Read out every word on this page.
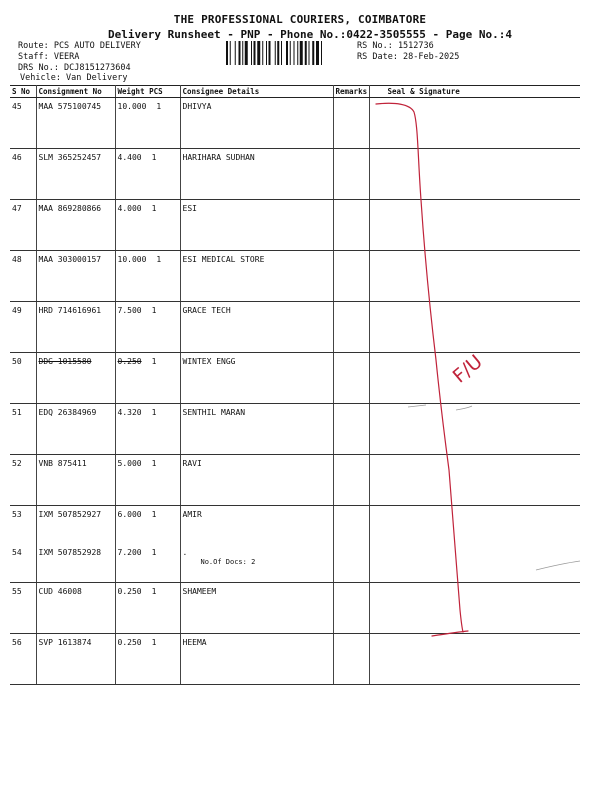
THE PROFESSIONAL COURIERS, COIMBATORE
Delivery Runsheet - PNP - Phone No.:0422-3505555 - Page No.:4
Route: PCS AUTO DELIVERY
Staff: VEERA
DRS No.: DCJ8151273604
Vehicle: Van Delivery
RS No.: 1512736
RS Date: 28-Feb-2025
S No	Consignment No	Weight PCS	Consignee Details	Remarks	Seal & Signature
45	MAA 575100745	10.000 1	DHIVYA		
46	SLM 365252457	4.400 1	HARIHARA SUDHAN		
47	MAA 869280866	4.000 1	ESI		
48	MAA 303000157	10.000 1	ESI MEDICAL STORE		
49	HRD 714616961	7.500 1	GRACE TECH		
50	DDG 1015580	0.250 1	WINTEX ENGG		
51	EDQ 26384969	4.320 1	SENTHIL MARAN		
52	VNB 875411	5.000 1	RAVI		
53	IXM 507852927	6.000 1	AMIR		
54	IXM 507852928	7.200 1	.
No.Of Docs: 2		

55	CUD 46008	0.250 1	SHAMEEM		
56	SVP 1613874	0.250 1	HEEMA		
F/U
